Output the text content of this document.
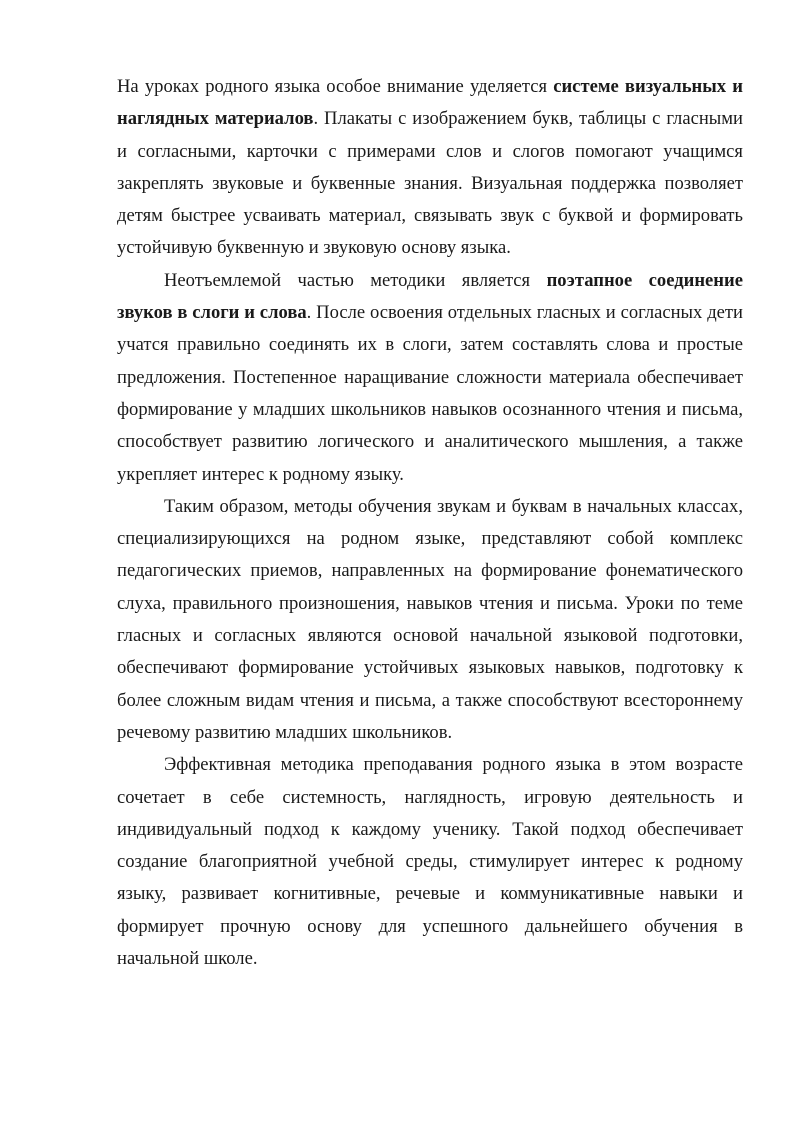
На уроках родного языка особое внимание уделяется системе визуальных и наглядных материалов. Плакаты с изображением букв, таблицы с гласными и согласными, карточки с примерами слов и слогов помогают учащимся закреплять звуковые и буквенные знания. Визуальная поддержка позволяет детям быстрее усваивать материал, связывать звук с буквой и формировать устойчивую буквенную и звуковую основу языка.

Неотъемлемой частью методики является поэтапное соединение звуков в слоги и слова. После освоения отдельных гласных и согласных дети учатся правильно соединять их в слоги, затем составлять слова и простые предложения. Постепенное наращивание сложности материала обеспечивает формирование у младших школьников навыков осознанного чтения и письма, способствует развитию логического и аналитического мышления, а также укрепляет интерес к родному языку.

Таким образом, методы обучения звукам и буквам в начальных классах, специализирующихся на родном языке, представляют собой комплекс педагогических приемов, направленных на формирование фонематического слуха, правильного произношения, навыков чтения и письма. Уроки по теме гласных и согласных являются основой начальной языковой подготовки, обеспечивают формирование устойчивых языковых навыков, подготовку к более сложным видам чтения и письма, а также способствуют всестороннему речевому развитию младших школьников.

Эффективная методика преподавания родного языка в этом возрасте сочетает в себе системность, наглядность, игровую деятельность и индивидуальный подход к каждому ученику. Такой подход обеспечивает создание благоприятной учебной среды, стимулирует интерес к родному языку, развивает когнитивные, речевые и коммуникативные навыки и формирует прочную основу для успешного дальнейшего обучения в начальной школе.
